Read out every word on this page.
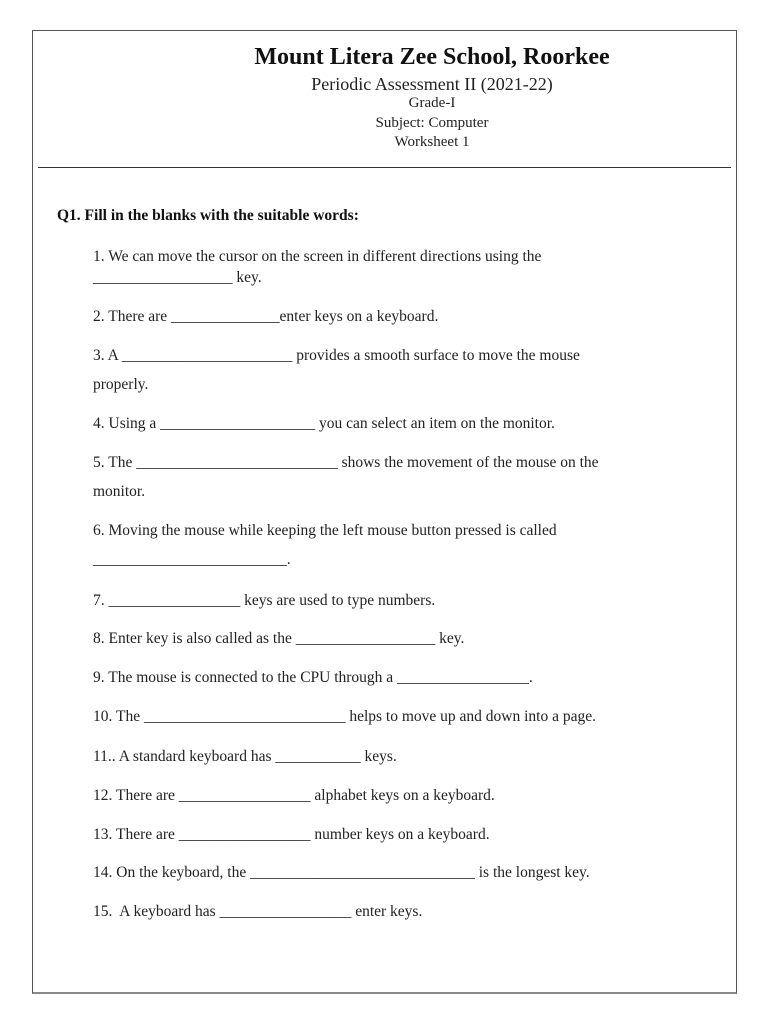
Mount Litera Zee School, Roorkee
Periodic Assessment II (2021-22)
Grade-I
Subject: Computer
Worksheet 1
Q1. Fill in the blanks with the suitable words:
1. We can move the cursor on the screen in different directions using the
__________________ key.
2. There are ______________enter keys on a keyboard.
3. A ______________________ provides a smooth surface to move the mouse
properly.
4. Using a ____________________ you can select an item on the monitor.
5. The __________________________ shows the movement of the mouse on the
monitor.
6. Moving the mouse while keeping the left mouse button pressed is called
_________________________.
7. _________________ keys are used to type numbers.
8. Enter key is also called as the __________________ key.
9. The mouse is connected to the CPU through a _________________.
10. The __________________________ helps to move up and down into a page.
11.. A standard keyboard has ___________ keys.
12. There are _________________ alphabet keys on a keyboard.
13. There are _________________ number keys on a keyboard.
14. On the keyboard, the _____________________________ is the longest key.
15.  A keyboard has _________________ enter keys.
